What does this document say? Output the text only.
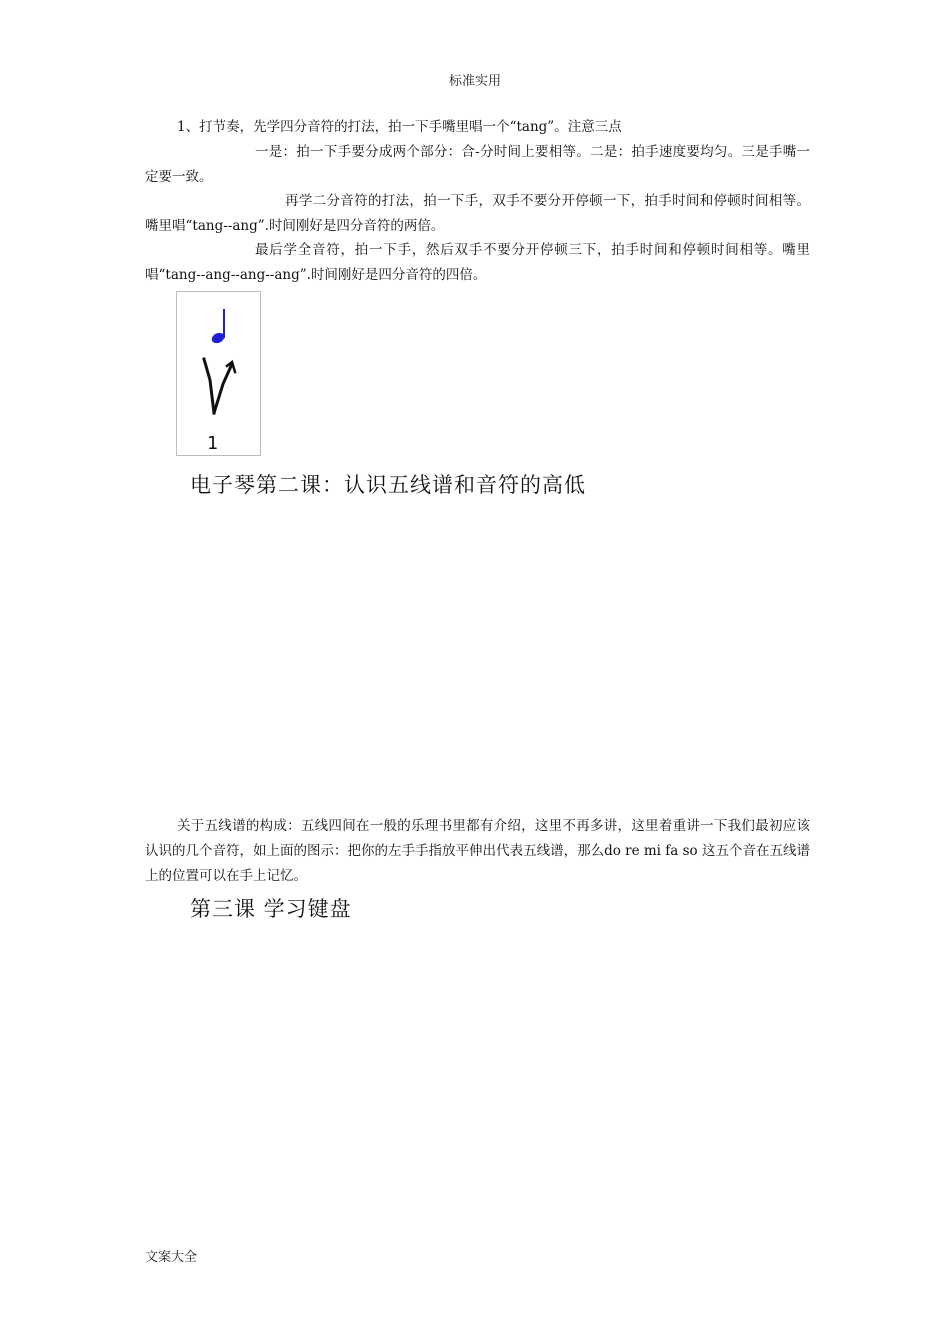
标准实用

1、打节奏，先学四分音符的打法，拍一下手嘴里唱一个“tang”。注意三点

一是：拍一下手要分成两个部分：合-分时间上要相等。二是：拍手速度要均匀。三是手嘴一定要一致。

再学二分音符的打法，拍一下手，双手不要分开停顿一下，拍手时间和停顿时间相等。嘴里唱“tang--ang”.时间刚好是四分音符的两倍。

最后学全音符，拍一下手，然后双手不要分开停顿三下，拍手时间和停顿时间相等。嘴里唱“tang--ang--ang--ang”.时间刚好是四分音符的四倍。

1
电子琴第二课：认识五线谱和音符的高低

关于五线谱的构成：五线四间在一般的乐理书里都有介绍，这里不再多讲，这里着重讲一下我们最初应该认识的几个音符，如上面的图示：把你的左手手指放平伸出代表五线谱，那么do re mi fa so 这五个音在五线谱上的位置可以在手上记忆。

第三课 学习键盘
文案大全
